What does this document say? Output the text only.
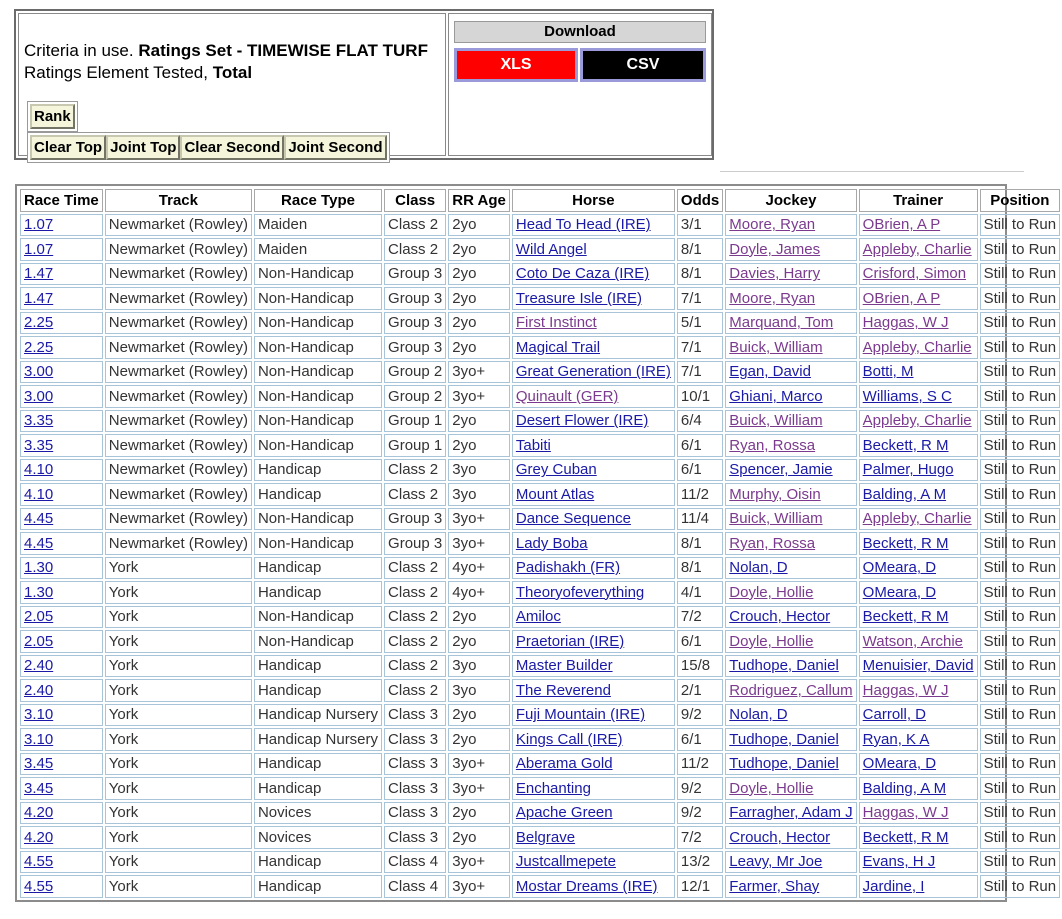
Criteria in use. Ratings Set - TIMEWISE FLAT TURF
Ratings Element Tested, Total
Rank
Clear Top Joint Top Clear Second Joint Second
Download
XLS	CSV
Race Time	Track	Race Type	Class	RR Age	Horse	Odds	Jockey	Trainer	Position
1.07	Newmarket (Rowley)	Maiden	Class 2	2yo	Head To Head (IRE)	3/1	Moore, Ryan	OBrien, A P	Still to Run
1.07	Newmarket (Rowley)	Maiden	Class 2	2yo	Wild Angel	8/1	Doyle, James	Appleby, Charlie	Still to Run
1.47	Newmarket (Rowley)	Non-Handicap	Group 3	2yo	Coto De Caza (IRE)	8/1	Davies, Harry	Crisford, Simon	Still to Run
1.47	Newmarket (Rowley)	Non-Handicap	Group 3	2yo	Treasure Isle (IRE)	7/1	Moore, Ryan	OBrien, A P	Still to Run
2.25	Newmarket (Rowley)	Non-Handicap	Group 3	2yo	First Instinct	5/1	Marquand, Tom	Haggas, W J	Still to Run
2.25	Newmarket (Rowley)	Non-Handicap	Group 3	2yo	Magical Trail	7/1	Buick, William	Appleby, Charlie	Still to Run
3.00	Newmarket (Rowley)	Non-Handicap	Group 2	3yo+	Great Generation (IRE)	7/1	Egan, David	Botti, M	Still to Run
3.00	Newmarket (Rowley)	Non-Handicap	Group 2	3yo+	Quinault (GER)	10/1	Ghiani, Marco	Williams, S C	Still to Run
3.35	Newmarket (Rowley)	Non-Handicap	Group 1	2yo	Desert Flower (IRE)	6/4	Buick, William	Appleby, Charlie	Still to Run
3.35	Newmarket (Rowley)	Non-Handicap	Group 1	2yo	Tabiti	6/1	Ryan, Rossa	Beckett, R M	Still to Run
4.10	Newmarket (Rowley)	Handicap	Class 2	3yo	Grey Cuban	6/1	Spencer, Jamie	Palmer, Hugo	Still to Run
4.10	Newmarket (Rowley)	Handicap	Class 2	3yo	Mount Atlas	11/2	Murphy, Oisin	Balding, A M	Still to Run
4.45	Newmarket (Rowley)	Non-Handicap	Group 3	3yo+	Dance Sequence	11/4	Buick, William	Appleby, Charlie	Still to Run
4.45	Newmarket (Rowley)	Non-Handicap	Group 3	3yo+	Lady Boba	8/1	Ryan, Rossa	Beckett, R M	Still to Run
1.30	York	Handicap	Class 2	4yo+	Padishakh (FR)	8/1	Nolan, D	OMeara, D	Still to Run
1.30	York	Handicap	Class 2	4yo+	Theoryofeverything	4/1	Doyle, Hollie	OMeara, D	Still to Run
2.05	York	Non-Handicap	Class 2	2yo	Amiloc	7/2	Crouch, Hector	Beckett, R M	Still to Run
2.05	York	Non-Handicap	Class 2	2yo	Praetorian (IRE)	6/1	Doyle, Hollie	Watson, Archie	Still to Run
2.40	York	Handicap	Class 2	3yo	Master Builder	15/8	Tudhope, Daniel	Menuisier, David	Still to Run
2.40	York	Handicap	Class 2	3yo	The Reverend	2/1	Rodriguez, Callum	Haggas, W J	Still to Run
3.10	York	Handicap Nursery	Class 3	2yo	Fuji Mountain (IRE)	9/2	Nolan, D	Carroll, D	Still to Run
3.10	York	Handicap Nursery	Class 3	2yo	Kings Call (IRE)	6/1	Tudhope, Daniel	Ryan, K A	Still to Run
3.45	York	Handicap	Class 3	3yo+	Aberama Gold	11/2	Tudhope, Daniel	OMeara, D	Still to Run
3.45	York	Handicap	Class 3	3yo+	Enchanting	9/2	Doyle, Hollie	Balding, A M	Still to Run
4.20	York	Novices	Class 3	2yo	Apache Green	9/2	Farragher, Adam J	Haggas, W J	Still to Run
4.20	York	Novices	Class 3	2yo	Belgrave	7/2	Crouch, Hector	Beckett, R M	Still to Run
4.55	York	Handicap	Class 4	3yo+	Justcallmepete	13/2	Leavy, Mr Joe	Evans, H J	Still to Run
4.55	York	Handicap	Class 4	3yo+	Mostar Dreams (IRE)	12/1	Farmer, Shay	Jardine, I	Still to Run
